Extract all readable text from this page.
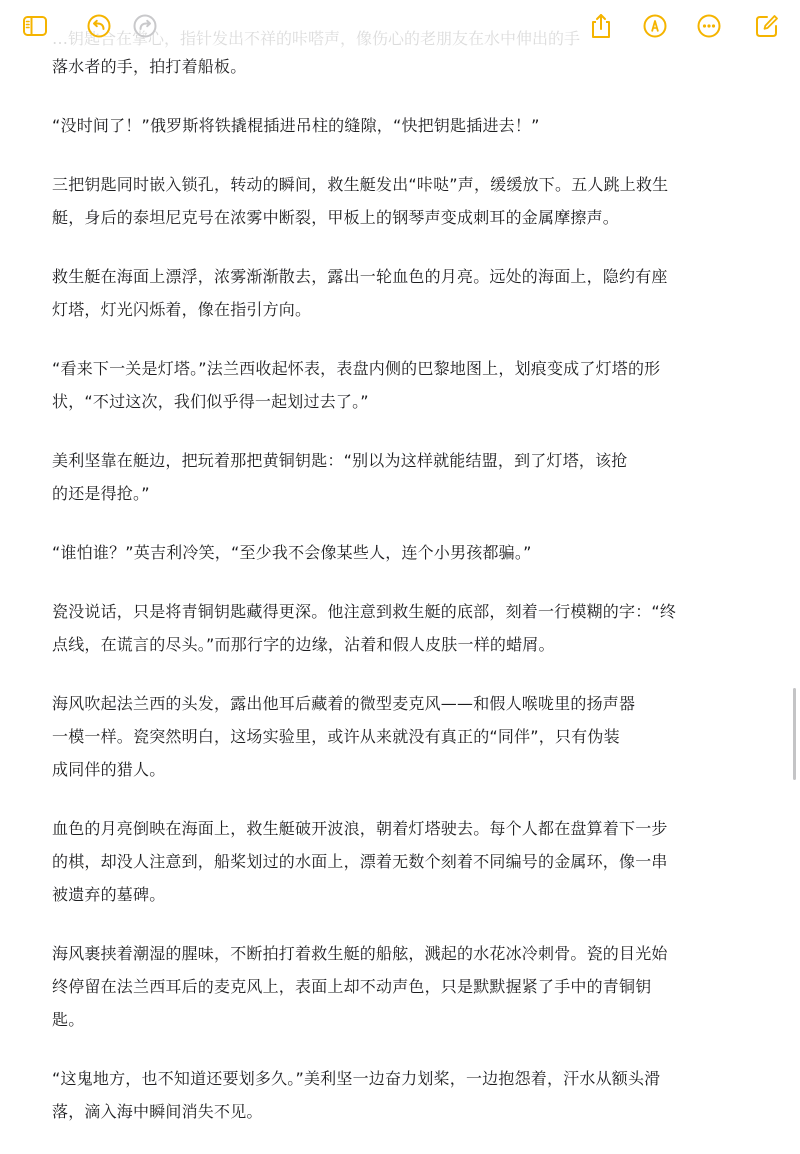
…钥匙合在掌心，指针发出不祥的咔嗒声，像伤心的老朋友在水中伸出的手

落水者的手，拍打着船板。

“没时间了！”俄罗斯将铁撬棍插进吊柱的缝隙，“快把钥匙插进去！”

三把钥匙同时嵌入锁孔，转动的瞬间，救生艇发出“咔哒”声，缓缓放下。五人跳上救生
艇，身后的泰坦尼克号在浓雾中断裂，甲板上的钢琴声变成刺耳的金属摩擦声。

救生艇在海面上漂浮，浓雾渐渐散去，露出一轮血色的月亮。远处的海面上，隐约有座
灯塔，灯光闪烁着，像在指引方向。

“看来下一关是灯塔。”法兰西收起怀表，表盘内侧的巴黎地图上，划痕变成了灯塔的形
状，“不过这次，我们似乎得一起划过去了。”

美利坚靠在艇边，把玩着那把黄铜钥匙：“别以为这样就能结盟，到了灯塔，该抢
的还是得抢。”

“谁怕谁？”英吉利冷笑，“至少我不会像某些人，连个小男孩都骗。”

瓷没说话，只是将青铜钥匙藏得更深。他注意到救生艇的底部，刻着一行模糊的字：“终
点线，在谎言的尽头。”而那行字的边缘，沾着和假人皮肤一样的蜡屑。

海风吹起法兰西的头发，露出他耳后藏着的微型麦克风——和假人喉咙里的扬声器
一模一样。瓷突然明白，这场实验里，或许从来就没有真正的“同伴”，只有伪装
成同伴的猎人。

血色的月亮倒映在海面上，救生艇破开波浪，朝着灯塔驶去。每个人都在盘算着下一步
的棋，却没人注意到，船桨划过的水面上，漂着无数个刻着不同编号的金属环，像一串
被遗弃的墓碑。

海风裹挟着潮湿的腥味，不断拍打着救生艇的船舷，溅起的水花冰冷刺骨。瓷的目光始
终停留在法兰西耳后的麦克风上，表面上却不动声色，只是默默握紧了手中的青铜钥
匙。

“这鬼地方，也不知道还要划多久。”美利坚一边奋力划桨，一边抱怨着，汗水从额头滑
落，滴入海中瞬间消失不见。
